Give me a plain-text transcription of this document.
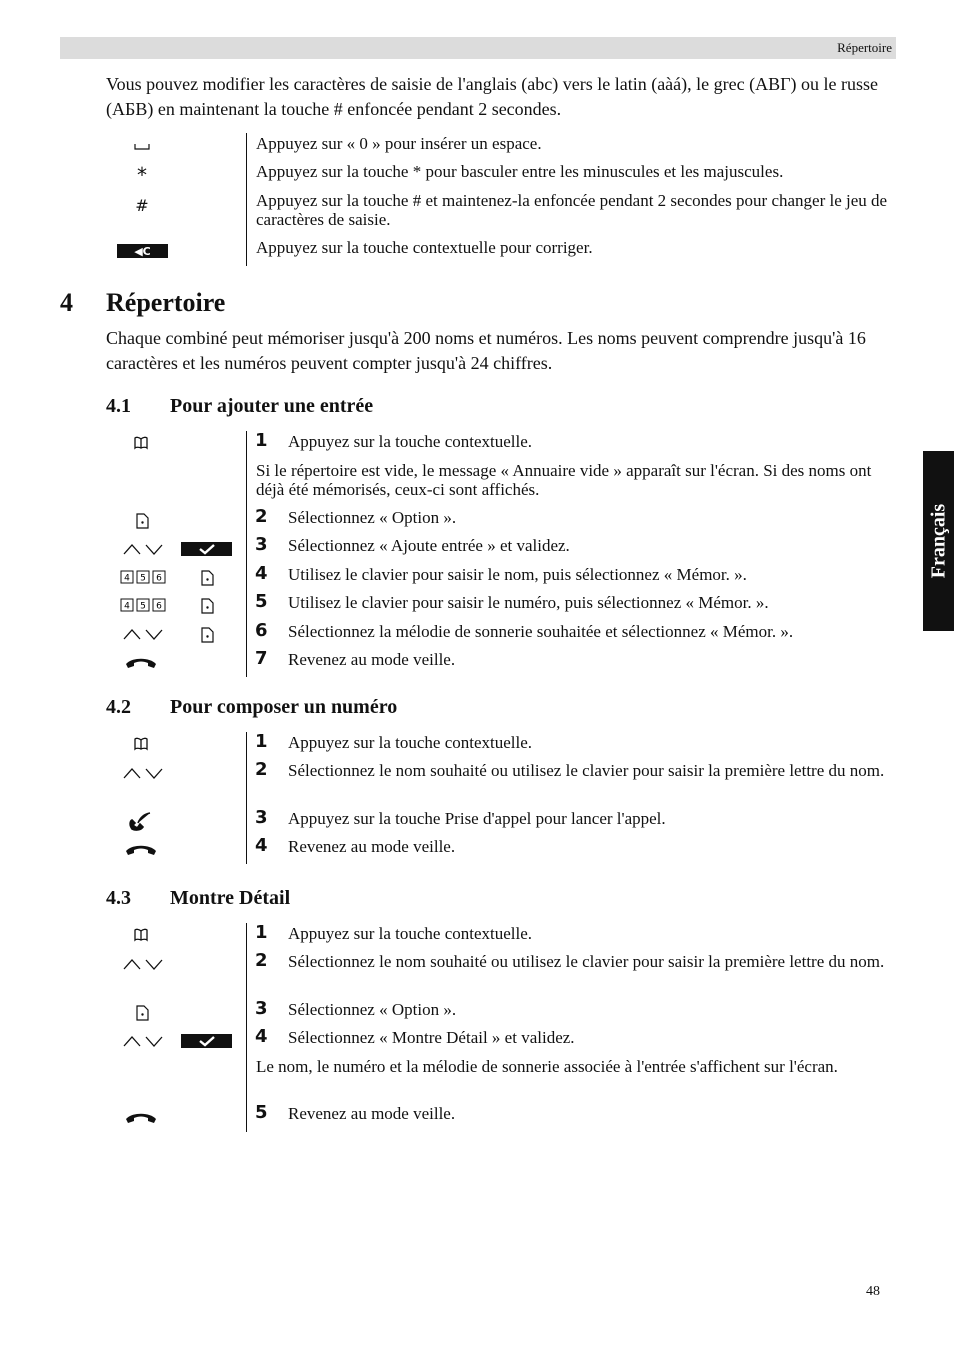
Répertoire
Français
Vous pouvez modifier les caractères de saisie de l'anglais (abc) vers le latin (aàá), le grec (ΑΒΓ) ou le russe (АБВ) en maintenant la touche # enfoncée pendant 2 secondes.
Appuyez sur « 0 » pour insérer un espace.
*	Appuyez sur la touche * pour basculer entre les minuscules et les majuscules.
#	Appuyez sur la touche # et maintenez-la enfoncée pendant 2 secondes pour changer le jeu de caractères de saisie.
◀C	Appuyez sur la touche contextuelle pour corriger.
4 Répertoire
Chaque combiné peut mémoriser jusqu'à 200 noms et numéros. Les noms peuvent comprendre jusqu'à 16 caractères et les numéros peuvent compter jusqu'à 24 chiffres.
4.1 Pour ajouter une entrée
1 Appuyez sur la touche contextuelle.
Si le répertoire est vide, le message « Annuaire vide » apparaît sur l'écran. Si des noms ont déjà été mémorisés, ceux-ci sont affichés.
2 Sélectionnez « Option ».
3 Sélectionnez « Ajoute entrée » et validez.
4 5 6	4 Utilisez le clavier pour saisir le nom, puis sélectionnez « Mémor. ».
4 5 6	5 Utilisez le clavier pour saisir le numéro, puis sélectionnez « Mémor. ».
6 Sélectionnez la mélodie de sonnerie souhaitée et sélectionnez « Mémor. ».
7 Revenez au mode veille.
4.2 Pour composer un numéro
1 Appuyez sur la touche contextuelle.
2 Sélectionnez le nom souhaité ou utilisez le clavier pour saisir la première lettre du nom.
3 Appuyez sur la touche Prise d'appel pour lancer l'appel.
4 Revenez au mode veille.
4.3 Montre Détail
1 Appuyez sur la touche contextuelle.
2 Sélectionnez le nom souhaité ou utilisez le clavier pour saisir la première lettre du nom.
3 Sélectionnez « Option ».
4 Sélectionnez « Montre Détail » et validez.
Le nom, le numéro et la mélodie de sonnerie associée à l'entrée s'affichent sur l'écran.
5 Revenez au mode veille.
48
